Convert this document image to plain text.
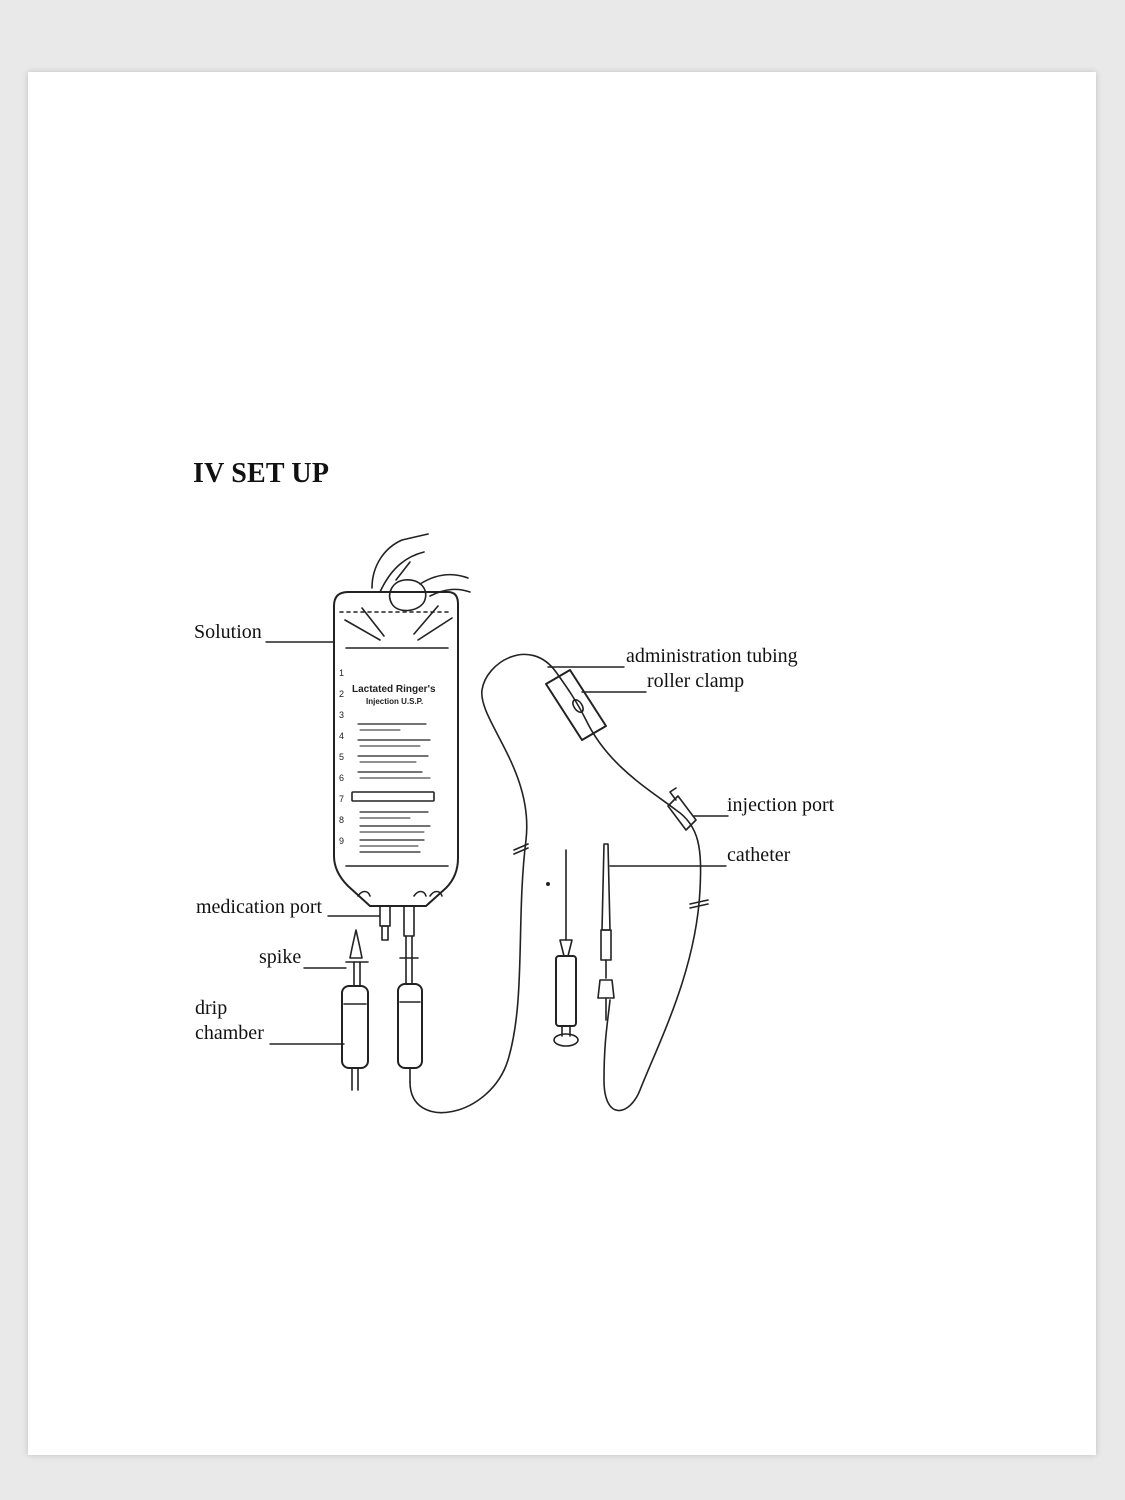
IV SET UP
Lactated Ringer's
Injection U.S.P.
1
2
3
4
5
6
7
8
9
Solution
administration tubing
roller clamp
injection port
catheter
medication port
spike
drip
chamber
